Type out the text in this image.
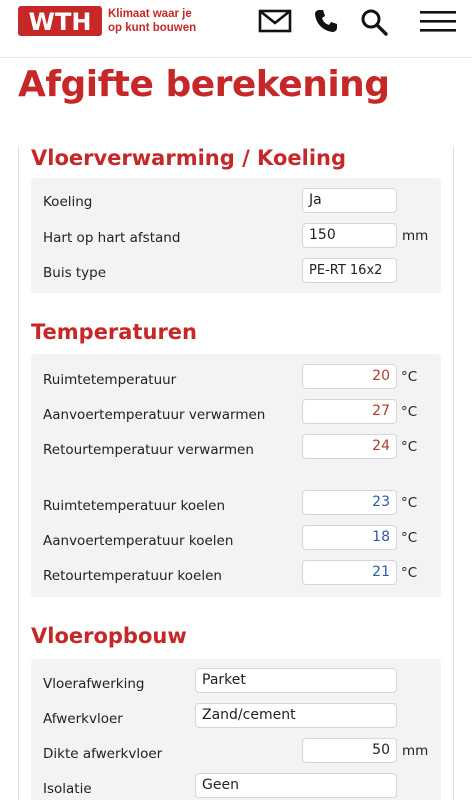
WTH Klimaat waar je
op kunt bouwen
Afgifte berekening
Vloerverwarming / Koeling
Koeling	Ja
Hart op hart afstand	150	mm
Buis type	PE-RT 16x2
Temperaturen
Ruimtetemperatuur	20 °C
Aanvoertemperatuur verwarmen	27 °C
Retourtemperatuur verwarmen	24 °C
Ruimtetemperatuur koelen	23 °C
Aanvoertemperatuur koelen	18 °C
Retourtemperatuur koelen	21 °C
Vloeropbouw
Vloerafwerking	Parket
Afwerkvloer	Zand/cement
Dikte afwerkvloer	50 mm
Isolatie	Geen
